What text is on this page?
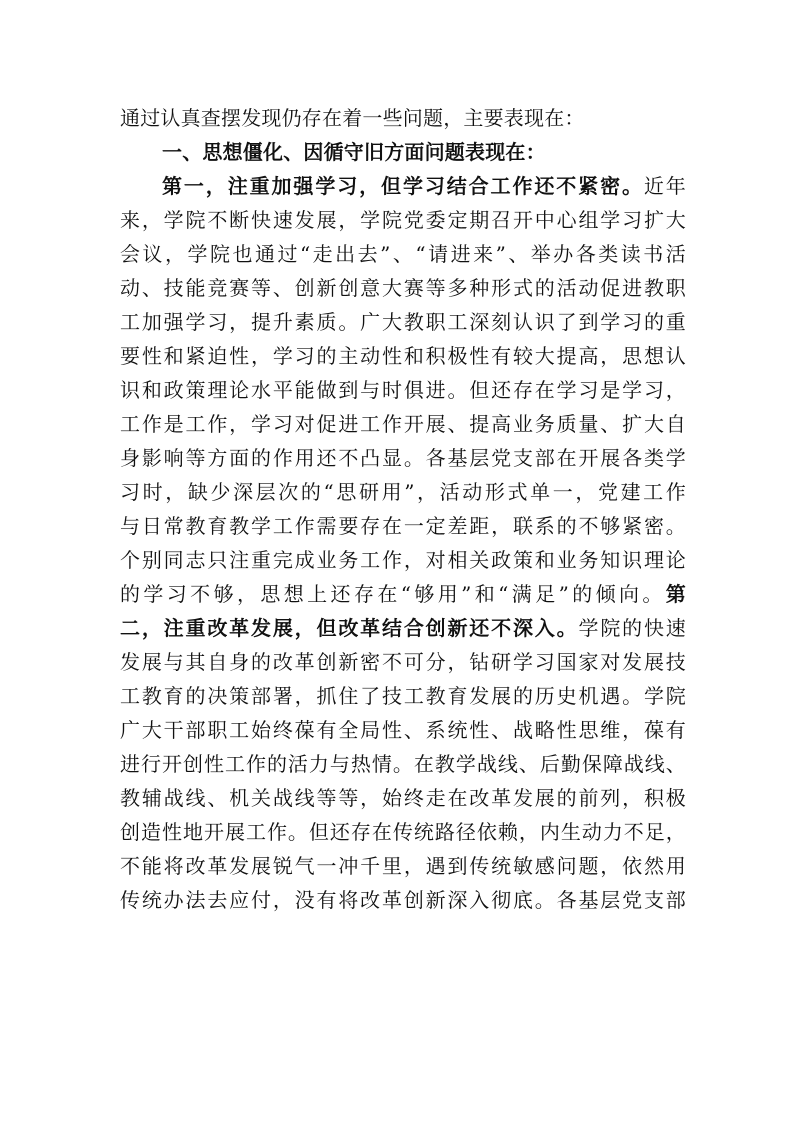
通过认真查摆发现仍存在着一些问题，主要表现在：
一、思想僵化、因循守旧方面问题表现在：
第一，注重加强学习，但学习结合工作还不紧密。近年
来，学院不断快速发展，学院党委定期召开中心组学习扩大
会议，学院也通过“走出去”、“请进来”、举办各类读书活
动、技能竞赛等、创新创意大赛等多种形式的活动促进教职
工加强学习，提升素质。广大教职工深刻认识了到学习的重
要性和紧迫性，学习的主动性和积极性有较大提高，思想认
识和政策理论水平能做到与时俱进。但还存在学习是学习，
工作是工作，学习对促进工作开展、提高业务质量、扩大自
身影响等方面的作用还不凸显。各基层党支部在开展各类学
习时，缺少深层次的“思研用”，活动形式单一，党建工作
与日常教育教学工作需要存在一定差距，联系的不够紧密。
个别同志只注重完成业务工作，对相关政策和业务知识理论
的学习不够，思想上还存在“够用”和“满足”的倾向。第
二，注重改革发展，但改革结合创新还不深入。学院的快速
发展与其自身的改革创新密不可分，钻研学习国家对发展技
工教育的决策部署，抓住了技工教育发展的历史机遇。学院
广大干部职工始终葆有全局性、系统性、战略性思维，葆有
进行开创性工作的活力与热情。在教学战线、后勤保障战线、
教辅战线、机关战线等等，始终走在改革发展的前列，积极
创造性地开展工作。但还存在传统路径依赖，内生动力不足，
不能将改革发展锐气一冲千里，遇到传统敏感问题，依然用
传统办法去应付，没有将改革创新深入彻底。各基层党支部
